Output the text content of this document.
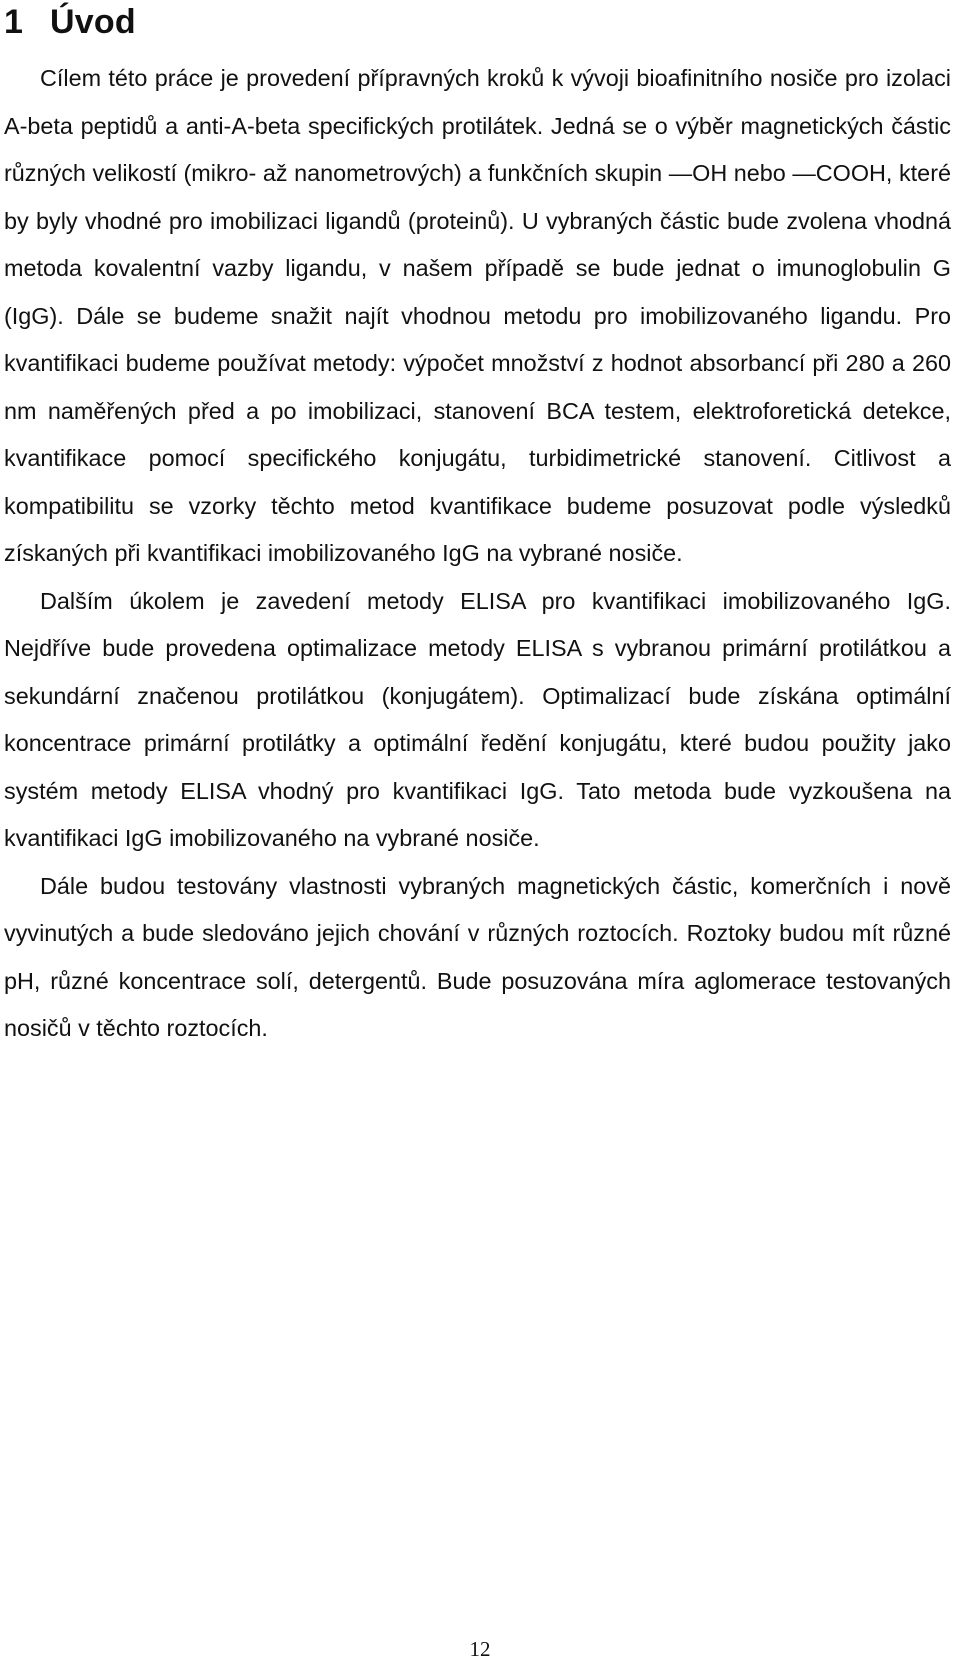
1 Úvod

Cílem této práce je provedení přípravných kroků k vývoji bioafinitního nosiče pro izolaci A-beta peptidů a anti-A-beta specifických protilátek. Jedná se o výběr magnetických částic různých velikostí (mikro- až nanometrových) a funkčních skupin —OH nebo —COOH, které by byly vhodné pro imobilizaci ligandů (proteinů). U vybraných částic bude zvolena vhodná metoda kovalentní vazby ligandu, v našem případě se bude jednat o imunoglobulin G (IgG). Dále se budeme snažit najít vhodnou metodu pro imobilizovaného ligandu. Pro kvantifikaci budeme používat metody: výpočet množství z hodnot absorbancí při 280 a 260 nm naměřených před a po imobilizaci, stanovení BCA testem, elektroforetická detekce, kvantifikace pomocí specifického konjugátu, turbidimetrické stanovení. Citlivost a kompatibilitu se vzorky těchto metod kvantifikace budeme posuzovat podle výsledků získaných při kvantifikaci imobilizovaného IgG na vybrané nosiče.

Dalším úkolem je zavedení metody ELISA pro kvantifikaci imobilizovaného IgG. Nejdříve bude provedena optimalizace metody ELISA s vybranou primární protilátkou a sekundární značenou protilátkou (konjugátem). Optimalizací bude získána optimální koncentrace primární protilátky a optimální ředění konjugátu, které budou použity jako systém metody ELISA vhodný pro kvantifikaci IgG. Tato metoda bude vyzkoušena na kvantifikaci IgG imobilizovaného na vybrané nosiče.

Dále budou testovány vlastnosti vybraných magnetických částic, komerčních i nově vyvinutých a bude sledováno jejich chování v různých roztocích. Roztoky budou mít různé pH, různé koncentrace solí, detergentů. Bude posuzována míra aglomerace testovaných nosičů v těchto roztocích.

12
